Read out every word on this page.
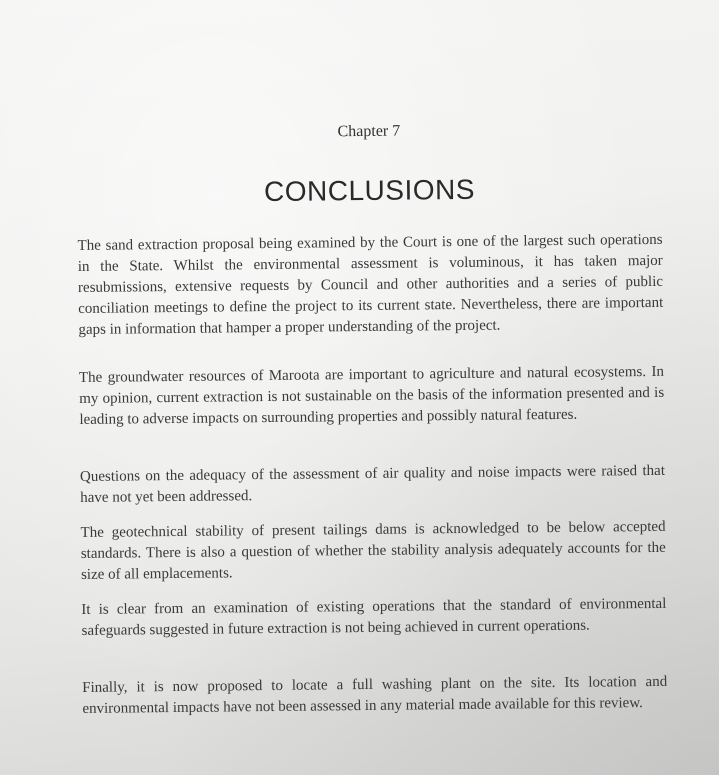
Chapter 7
CONCLUSIONS

The sand extraction proposal being examined by the Court is one of the largest such operations in the State. Whilst the environmental assessment is voluminous, it has taken major resubmissions, extensive requests by Council and other authorities and a series of public conciliation meetings to define the project to its current state. Nevertheless, there are important gaps in information that hamper a proper understanding of the project.

The groundwater resources of Maroota are important to agriculture and natural ecosystems. In my opinion, current extraction is not sustainable on the basis of the information presented and is leading to adverse impacts on surrounding properties and possibly natural features.

Questions on the adequacy of the assessment of air quality and noise impacts were raised that have not yet been addressed.

The geotechnical stability of present tailings dams is acknowledged to be below accepted standards. There is also a question of whether the stability analysis adequately accounts for the size of all emplacements.

It is clear from an examination of existing operations that the standard of environmental safeguards suggested in future extraction is not being achieved in current operations.

Finally, it is now proposed to locate a full washing plant on the site. Its location and environmental impacts have not been assessed in any material made available for this review.
